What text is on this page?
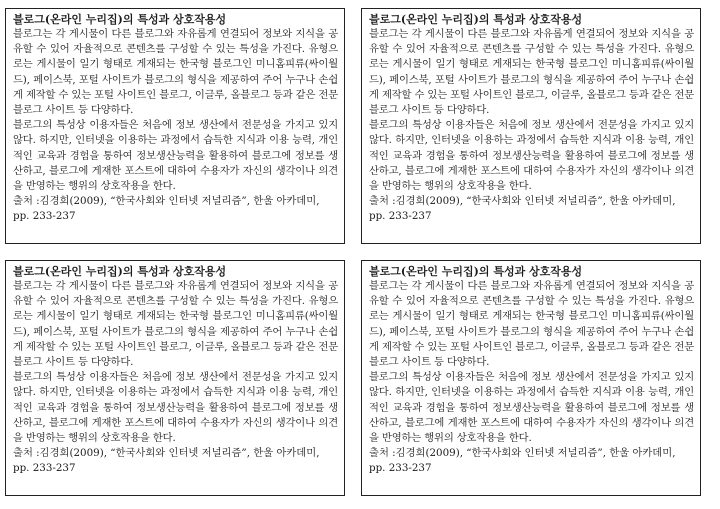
블로그(온라인 누리집)의 특성과 상호작용성

블로그는 각 게시물이 다른 블로그와 자유롭게 연결되어 정보와 지식을 공유할 수 있어 자율적으로 콘텐츠를 구성할 수 있는 특성을 가진다. 유형으로는 게시물이 일기 형태로 게재되는 한국형 블로그인 미니홈피류(싸이월드), 페이스북, 포털 사이트가 블로그의 형식을 제공하여 주어 누구나 손쉽게 제작할 수 있는 포털 사이트인 블로그, 이글루, 올블로그 등과 같은 전문 블로그 사이트 등 다양하다.

블로그의 특성상 이용자들은 처음에 정보 생산에서 전문성을 가지고 있지 않다. 하지만, 인터넷을 이용하는 과정에서 습득한 지식과 이용 능력, 개인적인 교육과 경험을 통하여 정보생산능력을 활용하여 블로그에 정보를 생산하고, 블로그에 게재한 포스트에 대하여 수용자가 자신의 생각이나 의견을 반영하는 행위의 상호작용을 한다.

출처 :김경희(2009), “한국사회와 인터넷 저널리즘”, 한울 아카데미, pp. 233-237

블로그(온라인 누리집)의 특성과 상호작용성

블로그는 각 게시물이 다른 블로그와 자유롭게 연결되어 정보와 지식을 공유할 수 있어 자율적으로 콘텐츠를 구성할 수 있는 특성을 가진다. 유형으로는 게시물이 일기 형태로 게재되는 한국형 블로그인 미니홈피류(싸이월드), 페이스북, 포털 사이트가 블로그의 형식을 제공하여 주어 누구나 손쉽게 제작할 수 있는 포털 사이트인 블로그, 이글루, 올블로그 등과 같은 전문 블로그 사이트 등 다양하다.

블로그의 특성상 이용자들은 처음에 정보 생산에서 전문성을 가지고 있지 않다. 하지만, 인터넷을 이용하는 과정에서 습득한 지식과 이용 능력, 개인적인 교육과 경험을 통하여 정보생산능력을 활용하여 블로그에 정보를 생산하고, 블로그에 게재한 포스트에 대하여 수용자가 자신의 생각이나 의견을 반영하는 행위의 상호작용을 한다.

출처 :김경희(2009), “한국사회와 인터넷 저널리즘”, 한울 아카데미, pp. 233-237

블로그(온라인 누리집)의 특성과 상호작용성

블로그는 각 게시물이 다른 블로그와 자유롭게 연결되어 정보와 지식을 공유할 수 있어 자율적으로 콘텐츠를 구성할 수 있는 특성을 가진다. 유형으로는 게시물이 일기 형태로 게재되는 한국형 블로그인 미니홈피류(싸이월드), 페이스북, 포털 사이트가 블로그의 형식을 제공하여 주어 누구나 손쉽게 제작할 수 있는 포털 사이트인 블로그, 이글루, 올블로그 등과 같은 전문 블로그 사이트 등 다양하다.

블로그의 특성상 이용자들은 처음에 정보 생산에서 전문성을 가지고 있지 않다. 하지만, 인터넷을 이용하는 과정에서 습득한 지식과 이용 능력, 개인적인 교육과 경험을 통하여 정보생산능력을 활용하여 블로그에 정보를 생산하고, 블로그에 게재한 포스트에 대하여 수용자가 자신의 생각이나 의견을 반영하는 행위의 상호작용을 한다.

출처 :김경희(2009), “한국사회와 인터넷 저널리즘”, 한울 아카데미, pp. 233-237

블로그(온라인 누리집)의 특성과 상호작용성

블로그는 각 게시물이 다른 블로그와 자유롭게 연결되어 정보와 지식을 공유할 수 있어 자율적으로 콘텐츠를 구성할 수 있는 특성을 가진다. 유형으로는 게시물이 일기 형태로 게재되는 한국형 블로그인 미니홈피류(싸이월드), 페이스북, 포털 사이트가 블로그의 형식을 제공하여 주어 누구나 손쉽게 제작할 수 있는 포털 사이트인 블로그, 이글루, 올블로그 등과 같은 전문 블로그 사이트 등 다양하다.

블로그의 특성상 이용자들은 처음에 정보 생산에서 전문성을 가지고 있지 않다. 하지만, 인터넷을 이용하는 과정에서 습득한 지식과 이용 능력, 개인적인 교육과 경험을 통하여 정보생산능력을 활용하여 블로그에 정보를 생산하고, 블로그에 게재한 포스트에 대하여 수용자가 자신의 생각이나 의견을 반영하는 행위의 상호작용을 한다.

출처 :김경희(2009), “한국사회와 인터넷 저널리즘”, 한울 아카데미, pp. 233-237
